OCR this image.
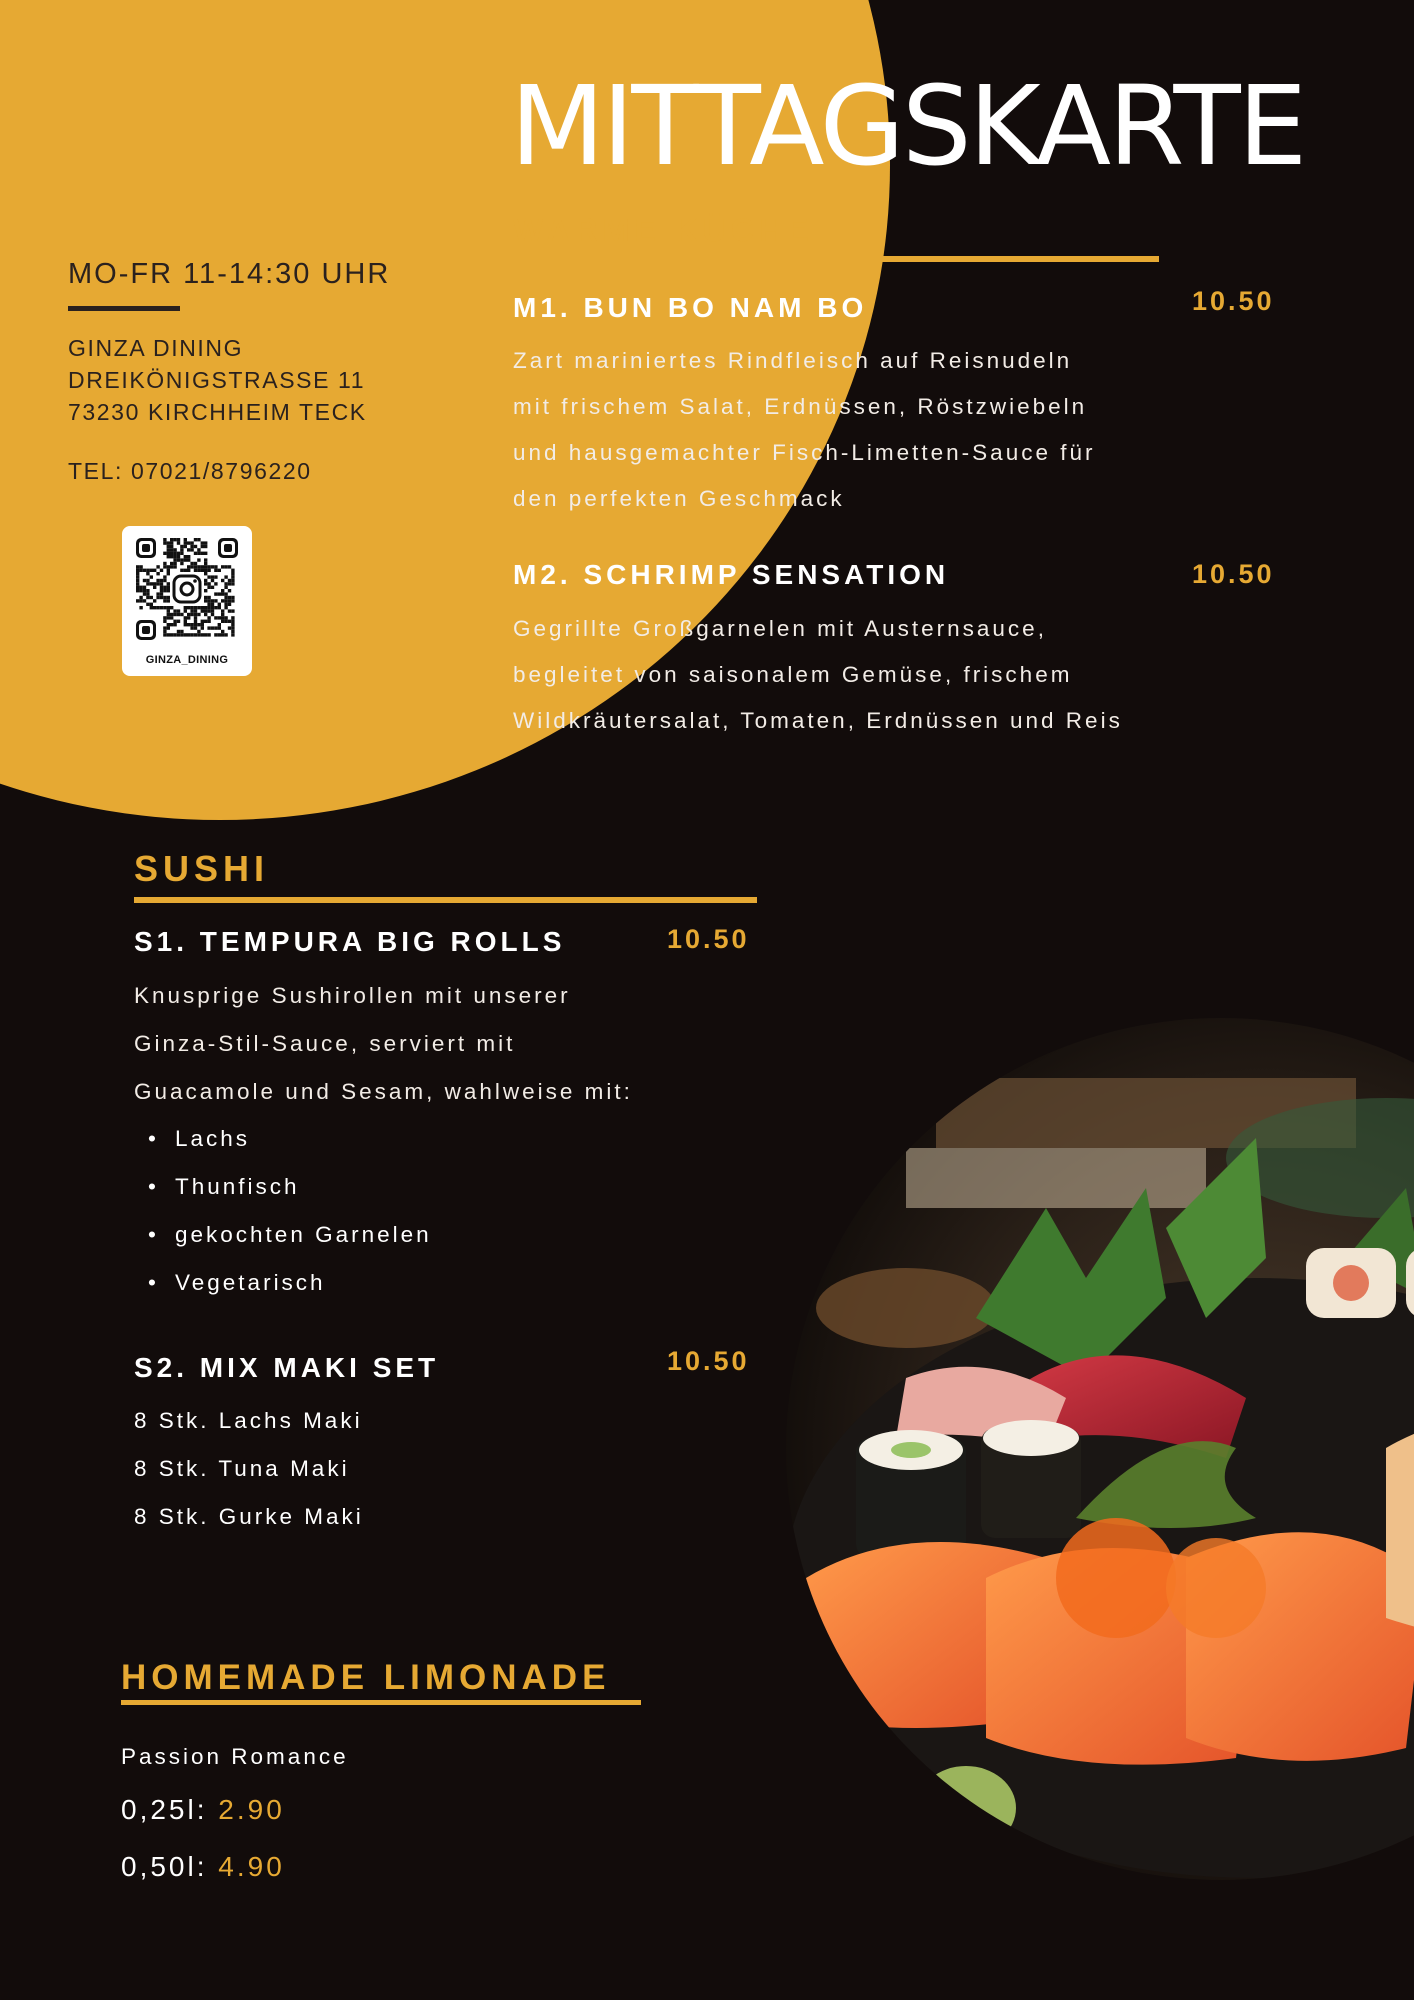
MO-FR 11-14:30 UHR
GINZA DINING
DREIKÖNIGSTRASSE 11
73230 KIRCHHEIM TECK
TEL: 07021/8796220
GINZA_DINING
MITTAGSKARTE
WARME KÜCHE
M1. BUN BO NAM BO	10.50
Zart mariniertes Rindfleisch auf Reisnudeln
mit frischem Salat, Erdnüssen, Röstzwiebeln
und hausgemachter Fisch-Limetten-Sauce für
den perfekten Geschmack
M2. SCHRIMP SENSATION	10.50
Gegrillte Großgarnelen mit Austernsauce,
begleitet von saisonalem Gemüse, frischem
Wildkräutersalat, Tomaten, Erdnüssen und Reis
SUSHI
S1. TEMPURA BIG ROLLS	10.50
Knusprige Sushirollen mit unserer
Ginza-Stil-Sauce, serviert mit
Guacamole und Sesam, wahlweise mit:
• Lachs
• Thunfisch
• gekochten Garnelen
• Vegetarisch
S2. MIX MAKI SET	10.50
8 Stk. Lachs Maki
8 Stk. Tuna Maki
8 Stk. Gurke Maki
HOMEMADE LIMONADE
Passion Romance
0,25l: 2.90
0,50l: 4.90
